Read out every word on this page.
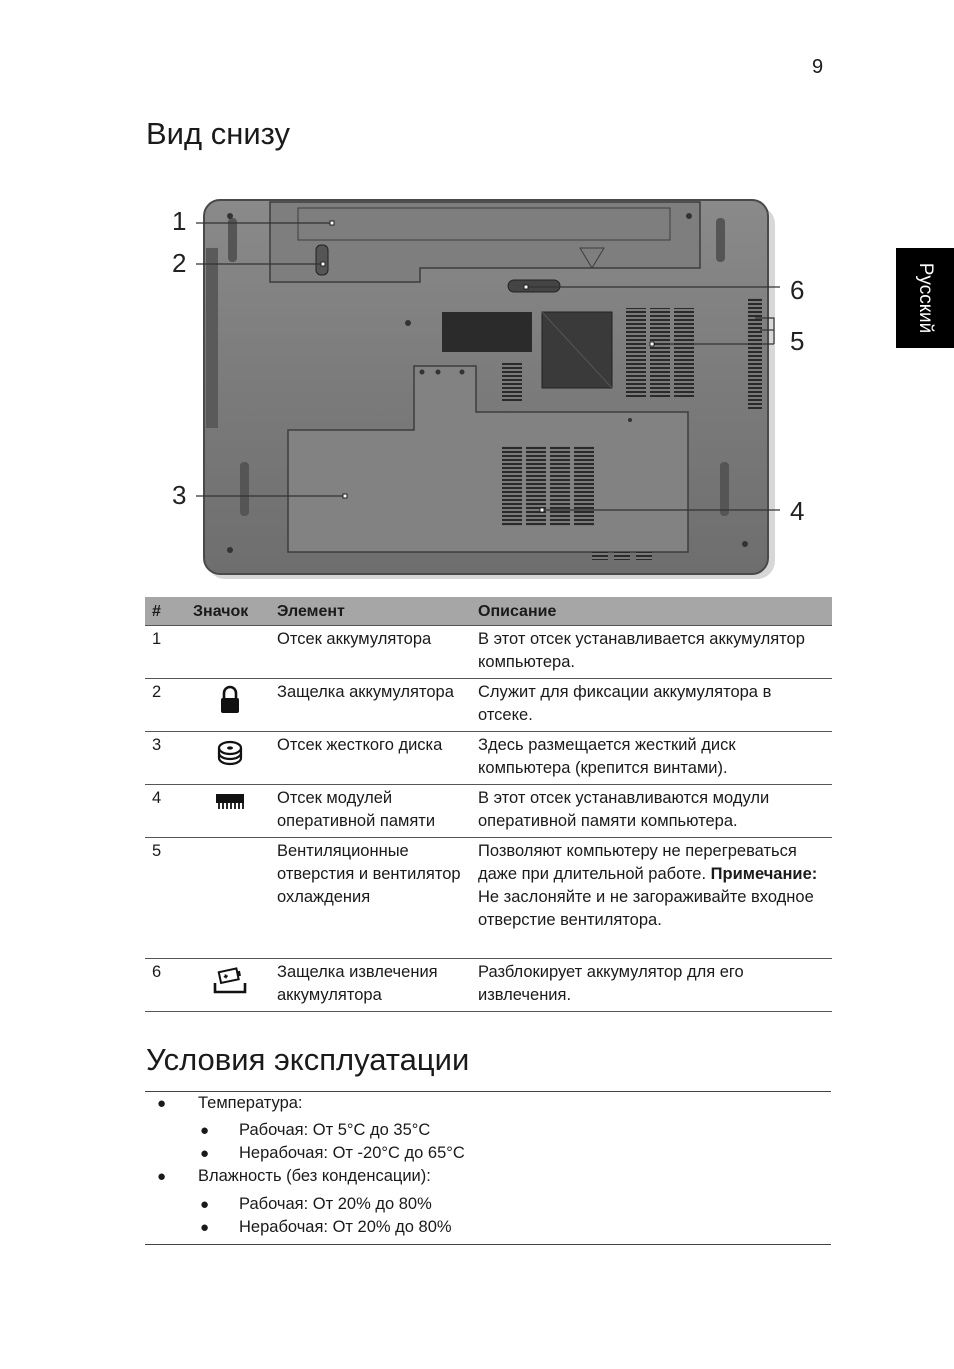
9
Вид снизу
Русский
1
2
3
4
5
6
#	Значок	Элемент	Описание
1		Отсек аккумулятора	В этот отсек устанавливается аккумулятор компьютера.
2		Защелка аккумулятора	Служит для фиксации аккумулятора в отсеке.
3		Отсек жесткого диска	Здесь размещается жесткий диск компьютера (крепится винтами).
4		Отсек модулей оперативной памяти	В этот отсек устанавливаются модули оперативной памяти компьютера.
5		Вентиляционные отверстия и вентилятор охлаждения	Позволяют компьютеру не перегреваться даже при длительной работе. Примечание: Не заслоняйте и не загораживайте входное отверстие вентилятора.
6		Защелка извлечения аккумулятора	Разблокирует аккумулятор для его извлечения.
Условия эксплуатации
● Температура:
● Рабочая: От 5°C до 35°C
● Нерабочая: От -20°C до 65°C
● Влажность (без конденсации):
● Рабочая: От 20% до 80%
● Нерабочая: От 20% до 80%
